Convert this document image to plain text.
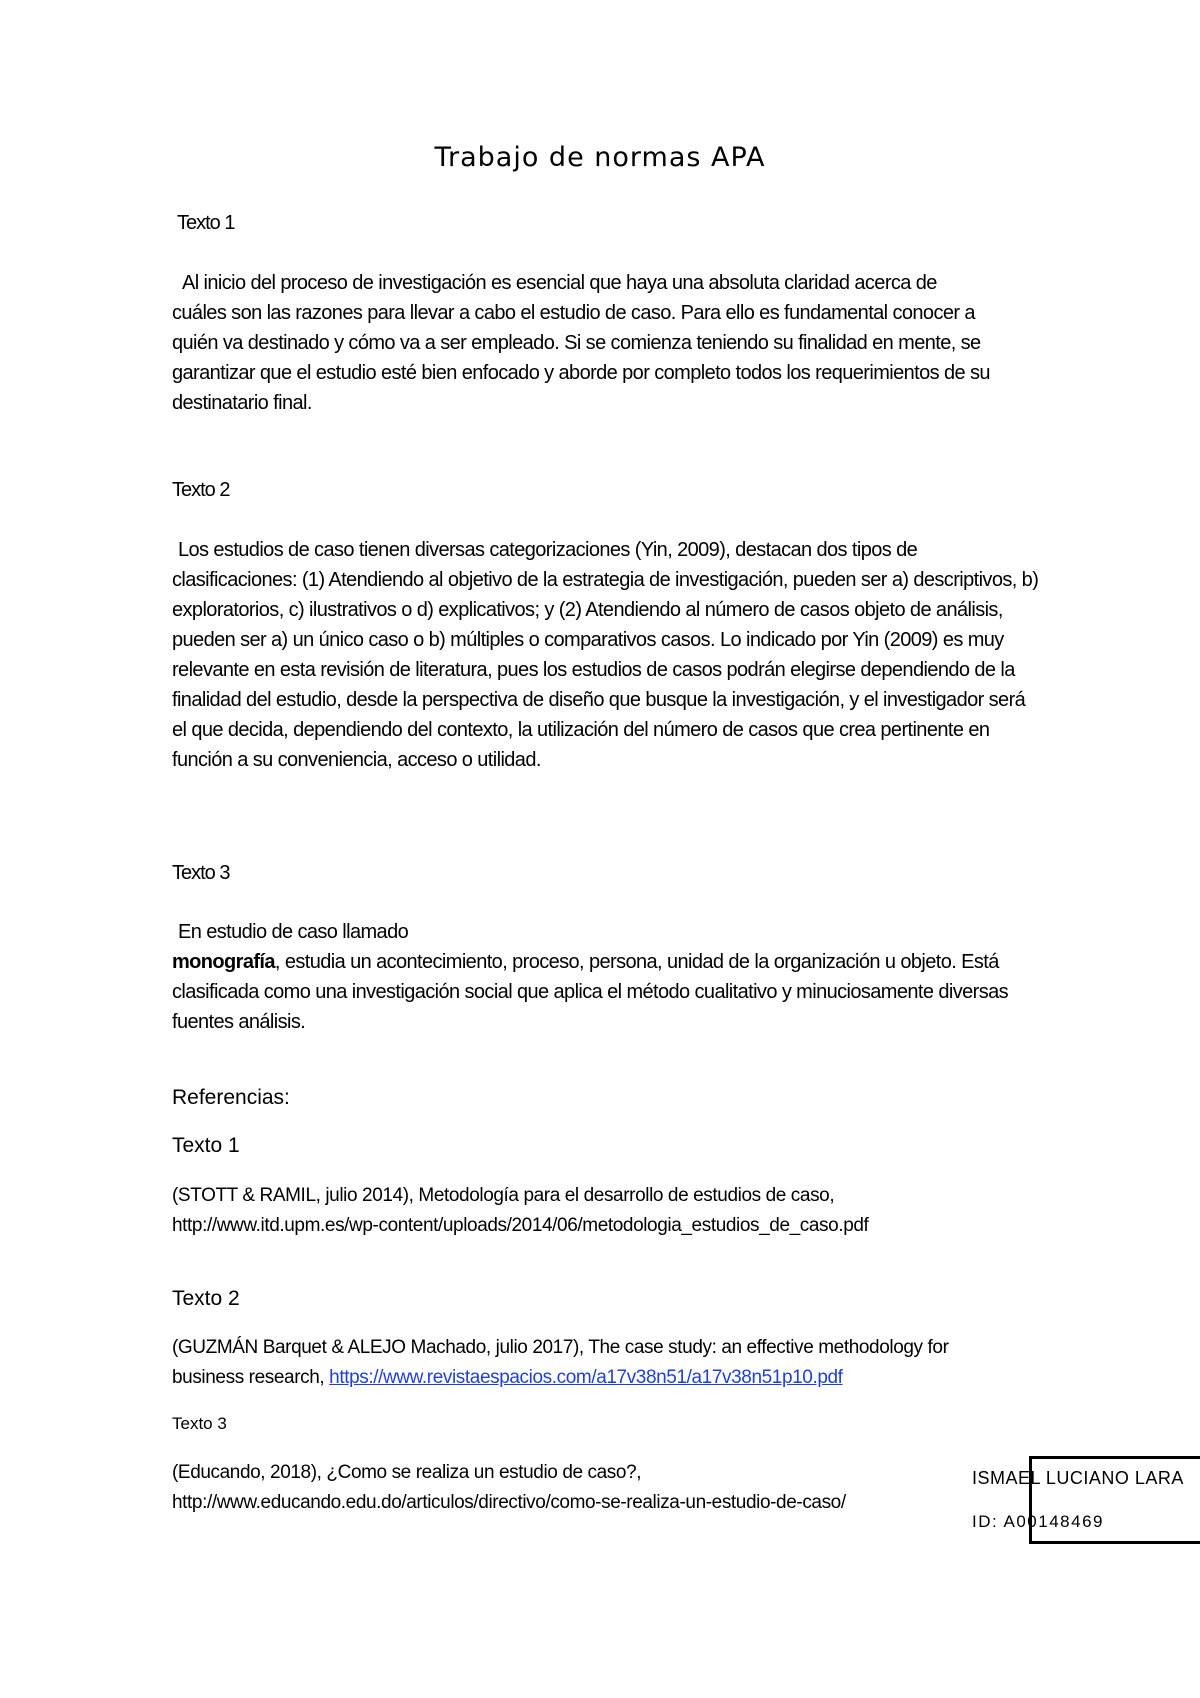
Trabajo de normas APA
Texto 1

Al inicio del proceso de investigación es esencial que haya una absoluta claridad acerca de cuáles son las razones para llevar a cabo el estudio de caso. Para ello es fundamental conocer a quién va destinado y cómo va a ser empleado. Si se comienza teniendo su finalidad en mente, se garantizar que el estudio esté bien enfocado y aborde por completo todos los requerimientos de su destinatario final.

Texto 2

Los estudios de caso tienen diversas categorizaciones (Yin, 2009), destacan dos tipos de clasificaciones: (1) Atendiendo al objetivo de la estrategia de investigación, pueden ser a) descriptivos, b) exploratorios, c) ilustrativos o d) explicativos; y (2) Atendiendo al número de casos objeto de análisis, pueden ser a) un único caso o b) múltiples o comparativos casos. Lo indicado por Yin (2009) es muy relevante en esta revisión de literatura, pues los estudios de casos podrán elegirse dependiendo de la finalidad del estudio, desde la perspectiva de diseño que busque la investigación, y el investigador será el que decida, dependiendo del contexto, la utilización del número de casos que crea pertinente en función a su conveniencia, acceso o utilidad.

Texto 3

En estudio de caso llamado

monografía, estudia un acontecimiento, proceso, persona, unidad de la organización u objeto. Está clasificada como una investigación social que aplica el método cualitativo y minuciosamente diversas fuentes análisis.

Referencias:
Texto 1

(STOTT & RAMIL, julio 2014), Metodología para el desarrollo de estudios de caso,
http://www.itd.upm.es/wp-content/uploads/2014/06/metodologia_estudios_de_caso.pdf

Texto 2

(GUZMÁN Barquet & ALEJO Machado, julio 2017), The case study: an effective methodology for business research, https://www.revistaespacios.com/a17v38n51/a17v38n51p10.pdf

Texto 3

(Educando, 2018), ¿Como se realiza un estudio de caso?,
http://www.educando.edu.do/articulos/directivo/como-se-realiza-un-estudio-de-caso/

ISMAEL LUCIANO LARA
ID: A00148469
